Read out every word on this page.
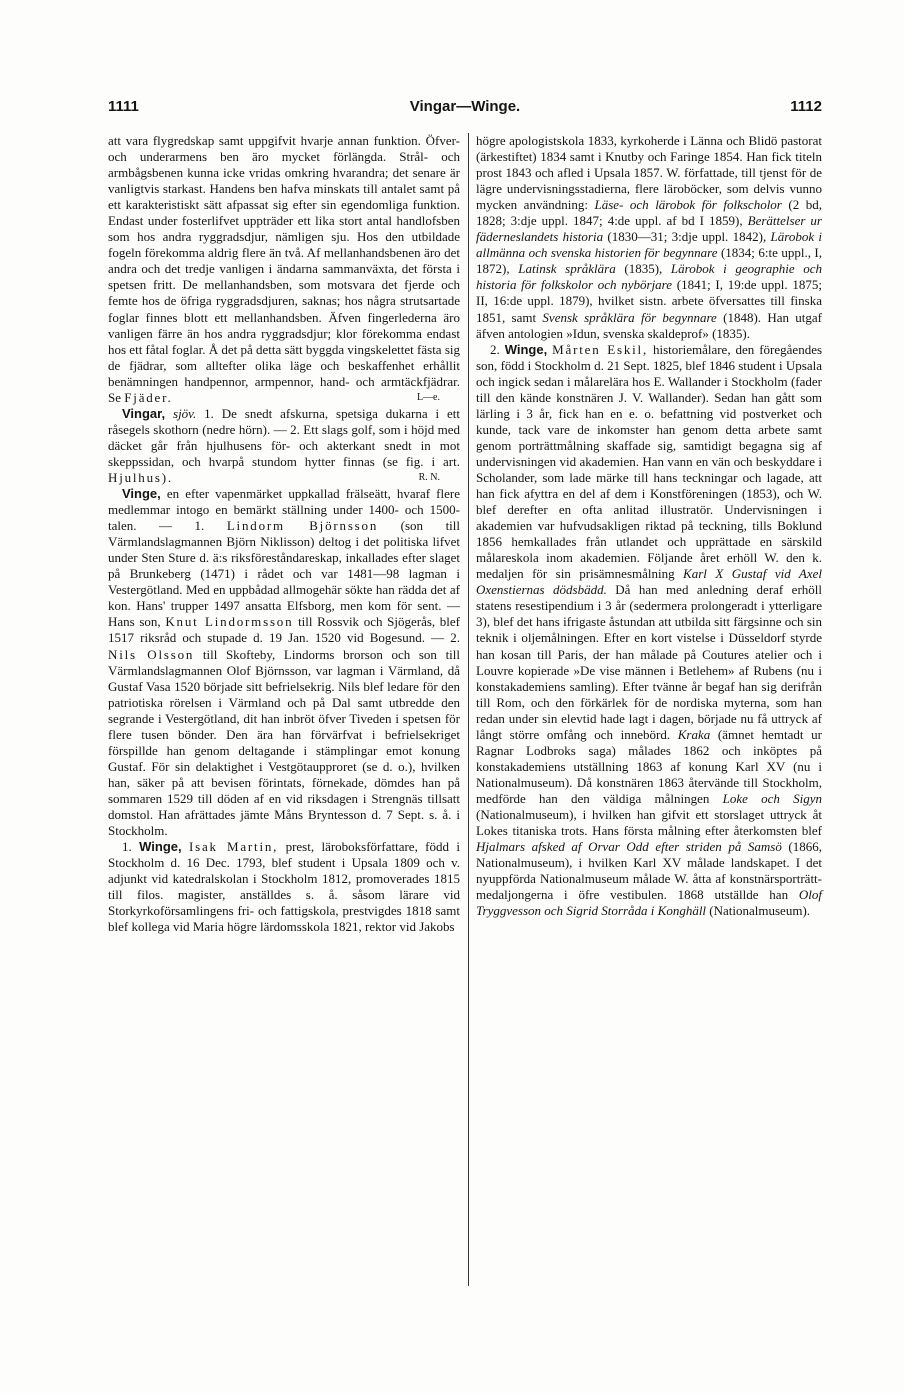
1111	Vingar—Winge.	1112

att vara flygredskap samt uppgifvit hvarje annan funktion. Öfver- och underarmens ben äro mycket förlängda. Strål- och armbågsbenen kunna icke vridas omkring hvarandra; det senare är vanligtvis starkast. Handens ben hafva minskats till antalet samt på ett karakteristiskt sätt afpassat sig efter sin egendomliga funktion. Endast under fosterlifvet uppträder ett lika stort antal handlofsben som hos andra ryggradsdjur, nämligen sju. Hos den utbildade fogeln förekomma aldrig flere än två. Af mellanhandsbenen äro det andra och det tredje vanligen i ändarna sammanväxta, det första i spetsen fritt. De mellanhandsben, som motsvara det fjerde och femte hos de öfriga ryggradsdjuren, saknas; hos några strutsartade foglar finnes blott ett mellanhandsben. Äfven fingerlederna äro vanligen färre än hos andra ryggradsdjur; klor förekomma endast hos ett fåtal foglar. Å det på detta sätt byggda vingskelettet fästa sig de fjädrar, som alltefter olika läge och beskaffenhet erhållit benämningen handpennor, armpennor, hand- och armtäckfjädrar. Se Fjäder.	L—e.

Vingar, sjöv. 1. De snedt afskurna, spetsiga dukarna i ett råsegels skothorn (nedre hörn). — 2. Ett slags golf, som i höjd med däcket går från hjulhusens för- och akterkant snedt in mot skeppssidan, och hvarpå stundom hytter finnas (se fig. i art. Hjulhus).	R. N.

Vinge, en efter vapenmärket uppkallad frälseätt, hvaraf flere medlemmar intogo en bemärkt ställning under 1400- och 1500-talen. — 1. Lindorm Björnsson (son till Värmlandslagmannen Björn Niklisson) deltog i det politiska lifvet under Sten Sture d. ä:s riksföreståndareskap, inkallades efter slaget på Brunkeberg (1471) i rådet och var 1481—98 lagman i Vestergötland. Med en uppbådad allmogehär sökte han rädda det af kon. Hans' trupper 1497 ansatta Elfsborg, men kom för sent. — Hans son, Knut Lindormsson till Rossvik och Sjögerås, blef 1517 riksråd och stupade d. 19 Jan. 1520 vid Bogesund. — 2. Nils Olsson till Skofteby, Lindorms brorson och son till Värmlandslagmannen Olof Björnsson, var lagman i Värmland, då Gustaf Vasa 1520 började sitt befrielsekrig. Nils blef ledare för den patriotiska rörelsen i Värmland och på Dal samt utbredde den segrande i Vestergötland, dit han inbröt öfver Tiveden i spetsen för flere tusen bönder. Den ära han förvärfvat i befrielsekriget förspillde han genom deltagande i stämplingar emot konung Gustaf. För sin delaktighet i Vestgötaupproret (se d. o.), hvilken han, säker på att bevisen förintats, förnekade, dömdes han på sommaren 1529 till döden af en vid riksdagen i Strengnäs tillsatt domstol. Han afrättades jämte Måns Bryntesson d. 7 Sept. s. å. i Stockholm.

1. Winge, Isak Martin, prest, läroboksförfattare, född i Stockholm d. 16 Dec. 1793, blef student i Upsala 1809 och v. adjunkt vid katedralskolan i Stockholm 1812, promoverades 1815 till filos. magister, anställdes s. å. såsom lärare vid Storkyrkoförsamlingens fri- och fattigskola, prestvigdes 1818 samt blef kollega vid Maria högre lärdomsskola 1821, rektor vid Jakobs

högre apologistskola 1833, kyrkoherde i Länna och Blidö pastorat (ärkestiftet) 1834 samt i Knutby och Faringe 1854. Han fick titeln prost 1843 och afled i Upsala 1857. W. författade, till tjenst för de lägre undervisningsstadierna, flere läroböcker, som delvis vunno mycken användning: Läse- och lärobok för folkscholor (2 bd, 1828; 3:dje uppl. 1847; 4:de uppl. af bd I 1859), Berättelser ur fäderneslandets historia (1830—31; 3:dje uppl. 1842), Lärobok i allmänna och svenska historien för begynnare (1834; 6:te uppl., I, 1872), Latinsk språklära (1835), Lärobok i geographie och historia för folkskolor och nybörjare (1841; I, 19:de uppl. 1875; II, 16:de uppl. 1879), hvilket sistn. arbete öfversattes till finska 1851, samt Svensk språklära för begynnare (1848). Han utgaf äfven antologien »Idun, svenska skaldeprof» (1835).

2. Winge, Mårten Eskil, historiemålare, den föregåendes son, född i Stockholm d. 21 Sept. 1825, blef 1846 student i Upsala och ingick sedan i målarelära hos E. Wallander i Stockholm (fader till den kände konstnären J. V. Wallander). Sedan han gått som lärling i 3 år, fick han en e. o. befattning vid postverket och kunde, tack vare de inkomster han genom detta arbete samt genom porträttmålning skaffade sig, samtidigt begagna sig af undervisningen vid akademien. Han vann en vän och beskyddare i Scholander, som lade märke till hans teckningar och lagade, att han fick afyttra en del af dem i Konstföreningen (1853), och W. blef derefter en ofta anlitad illustratör. Undervisningen i akademien var hufvudsakligen riktad på teckning, tills Boklund 1856 hemkallades från utlandet och upprättade en särskild målareskola inom akademien. Följande året erhöll W. den k. medaljen för sin prisämnesmålning Karl X Gustaf vid Axel Oxenstiernas dödsbädd. Då han med anledning deraf erhöll statens resestipendium i 3 år (sedermera prolongeradt i ytterligare 3), blef det hans ifrigaste åstundan att utbilda sitt färgsinne och sin teknik i oljemålningen. Efter en kort vistelse i Düsseldorf styrde han kosan till Paris, der han målade på Coutures atelier och i Louvre kopierade »De vise männen i Betlehem» af Rubens (nu i konstakademiens samling). Efter tvänne år begaf han sig derifrån till Rom, och den förkärlek för de nordiska myterna, som han redan under sin elevtid hade lagt i dagen, började nu få uttryck af långt större omfång och innebörd. Kraka (ämnet hemtadt ur Ragnar Lodbroks saga) målades 1862 och inköptes på konstakademiens utställning 1863 af konung Karl XV (nu i Nationalmuseum). Då konstnären 1863 återvände till Stockholm, medförde han den väldiga målningen Loke och Sigyn (Nationalmuseum), i hvilken han gifvit ett storslaget uttryck åt Lokes titaniska trots. Hans första målning efter återkomsten blef Hjalmars afsked af Orvar Odd efter striden på Samsö (1866, Nationalmuseum), i hvilken Karl XV målade landskapet. I det nyuppförda Nationalmuseum målade W. åtta af konstnärsporträtt-medaljongerna i öfre vestibulen. 1868 utställde han Olof Tryggvesson och Sigrid Storråda i Konghäll (Nationalmuseum).
